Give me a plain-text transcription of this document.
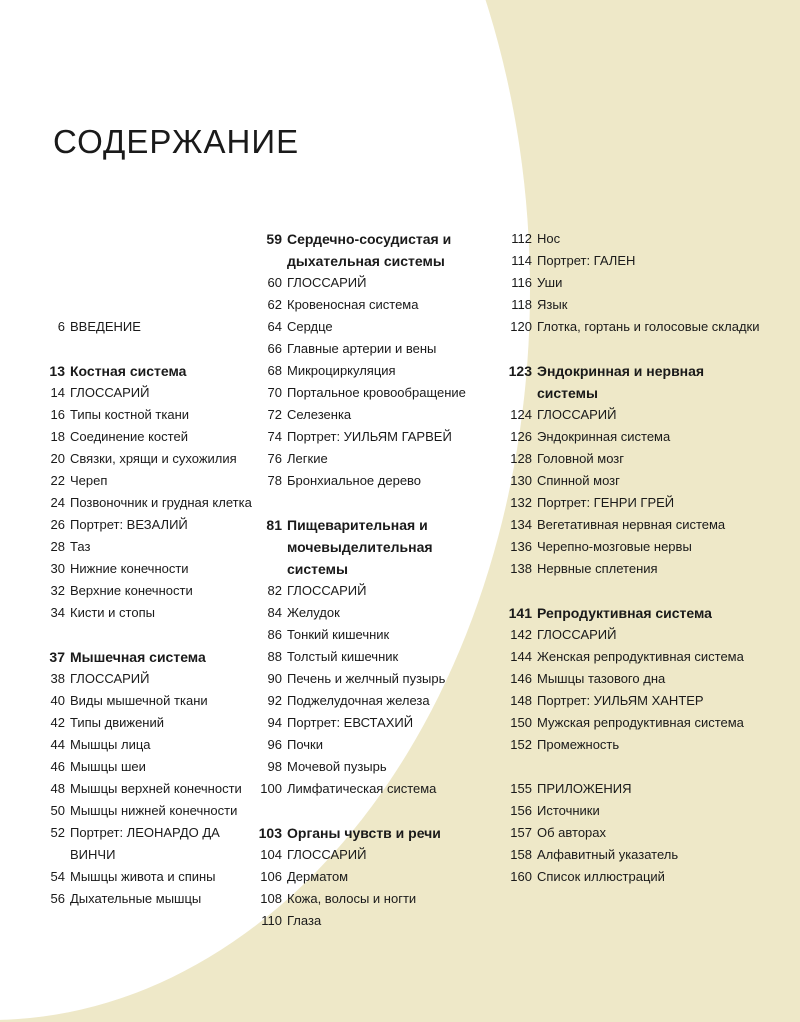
СОДЕРЖАНИЕ
6 ВВЕДЕНИЕ
13 Костная система
14 ГЛОССАРИЙ
16 Типы костной ткани
18 Соединение костей
20 Связки, хрящи и сухожилия
22 Череп
24 Позвоночник и грудная клетка
26 Портрет: ВЕЗАЛИЙ
28 Таз
30 Нижние конечности
32 Верхние конечности
34 Кисти и стопы
37 Мышечная система
38 ГЛОССАРИЙ
40 Виды мышечной ткани
42 Типы движений
44 Мышцы лица
46 Мышцы шеи
48 Мышцы верхней конечности
50 Мышцы нижней конечности
52 Портрет: ЛЕОНАРДО ДА ВИНЧИ
54 Мышцы живота и спины
56 Дыхательные мышцы
59 Сердечно-сосудистая и дыхательная системы
60 ГЛОССАРИЙ
62 Кровеносная система
64 Сердце
66 Главные артерии и вены
68 Микроциркуляция
70 Портальное кровообращение
72 Селезенка
74 Портрет: УИЛЬЯМ ГАРВЕЙ
76 Легкие
78 Бронхиальное дерево
81 Пищеварительная и мочевыделительная системы
82 ГЛОССАРИЙ
84 Желудок
86 Тонкий кишечник
88 Толстый кишечник
90 Печень и желчный пузырь
92 Поджелудочная железа
94 Портрет: ЕВСТАХИЙ
96 Почки
98 Мочевой пузырь
100 Лимфатическая система
103 Органы чувств и речи
104 ГЛОССАРИЙ
106 Дерматом
108 Кожа, волосы и ногти
110 Глаза
112 Нос
114 Портрет: ГАЛЕН
116 Уши
118 Язык
120 Глотка, гортань и голосовые складки
123 Эндокринная и нервная системы
124 ГЛОССАРИЙ
126 Эндокринная система
128 Головной мозг
130 Спинной мозг
132 Портрет: ГЕНРИ ГРЕЙ
134 Вегетативная нервная система
136 Черепно-мозговые нервы
138 Нервные сплетения
141 Репродуктивная система
142 ГЛОССАРИЙ
144 Женская репродуктивная система
146 Мышцы тазового дна
148 Портрет: УИЛЬЯМ ХАНТЕР
150 Мужская репродуктивная система
152 Промежность
155 ПРИЛОЖЕНИЯ
156 Источники
157 Об авторах
158 Алфавитный указатель
160 Список иллюстраций
